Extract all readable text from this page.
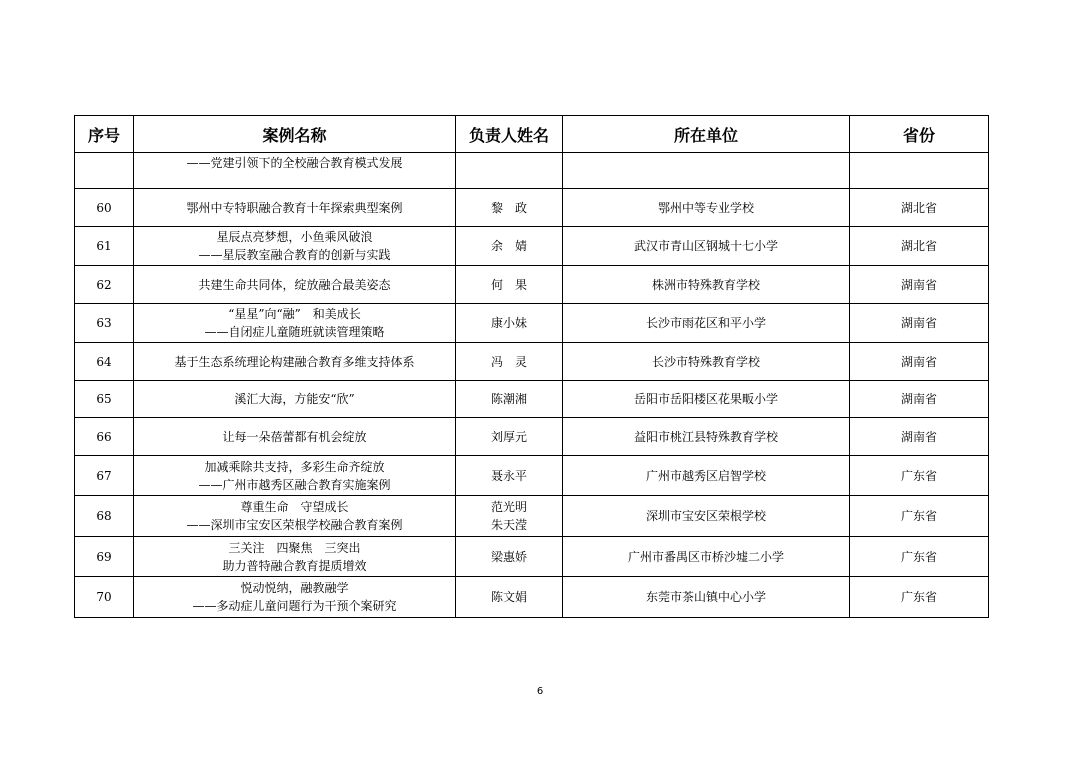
序号	案例名称	负责人姓名	所在单位	省份

	——党建引领下的全校融合教育模式发展			

60	鄂州中专特职融合教育十年探索典型案例	黎　政	鄂州中等专业学校	湖北省
61	星辰点亮梦想，小鱼乘风破浪
——星辰教室融合教育的创新与实践	余　婧	武汉市青山区钢城十七小学	湖北省
62	共建生命共同体，绽放融合最美姿态	何　果	株洲市特殊教育学校	湖南省
63	“星星”向“融”　和美成长
——自闭症儿童随班就读管理策略	康小妹	长沙市雨花区和平小学	湖南省
64	基于生态系统理论构建融合教育多维支持体系	冯　灵	长沙市特殊教育学校	湖南省
65	溪汇大海，方能安“欣”	陈潮湘	岳阳市岳阳楼区花果畈小学	湖南省
66	让每一朵蓓蕾都有机会绽放	刘厚元	益阳市桃江县特殊教育学校	湖南省
67	加减乘除共支持，多彩生命齐绽放
——广州市越秀区融合教育实施案例	聂永平	广州市越秀区启智学校	广东省
68	尊重生命　守望成长
——深圳市宝安区荣根学校融合教育案例	范光明
朱天滢	深圳市宝安区荣根学校	广东省
69	三关注　四聚焦　三突出
助力普特融合教育提质增效	梁惠娇	广州市番禺区市桥沙墟二小学	广东省
70	悦动悦纳，融教融学
——多动症儿童问题行为干预个案研究	陈文娟	东莞市茶山镇中心小学	广东省
6
